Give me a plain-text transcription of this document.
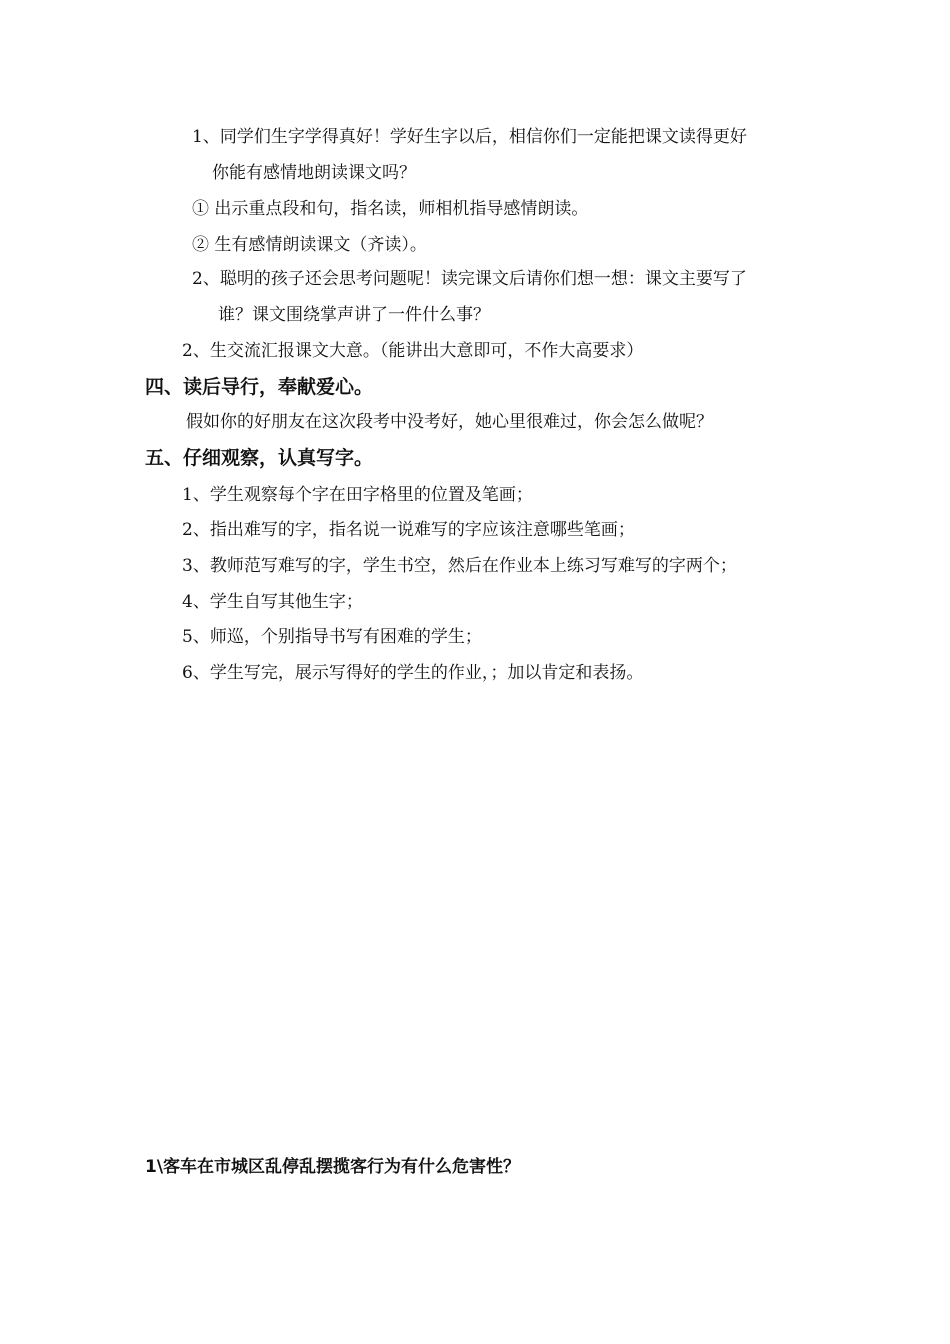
1、同学们生字学得真好！学好生字以后，相信你们一定能把课文读得更好
你能有感情地朗读课文吗？
① 出示重点段和句，指名读，师相机指导感情朗读。
② 生有感情朗读课文（齐读）。
2、聪明的孩子还会思考问题呢！读完课文后请你们想一想：课文主要写了
谁？课文围绕掌声讲了一件什么事？
2、生交流汇报课文大意。（能讲出大意即可，不作大高要求）
四、读后导行，奉献爱心。
假如你的好朋友在这次段考中没考好，她心里很难过，你会怎么做呢？
五、仔细观察，认真写字。
1、学生观察每个字在田字格里的位置及笔画；
2、指出难写的字，指名说一说难写的字应该注意哪些笔画；
3、教师范写难写的字，学生书空，然后在作业本上练习写难写的字两个；
4、学生自写其他生字；
5、师巡，个别指导书写有困难的学生；
6、学生写完，展示写得好的学生的作业，；加以肯定和表扬。
1\客车在市城区乱停乱摆揽客行为有什么危害性？
